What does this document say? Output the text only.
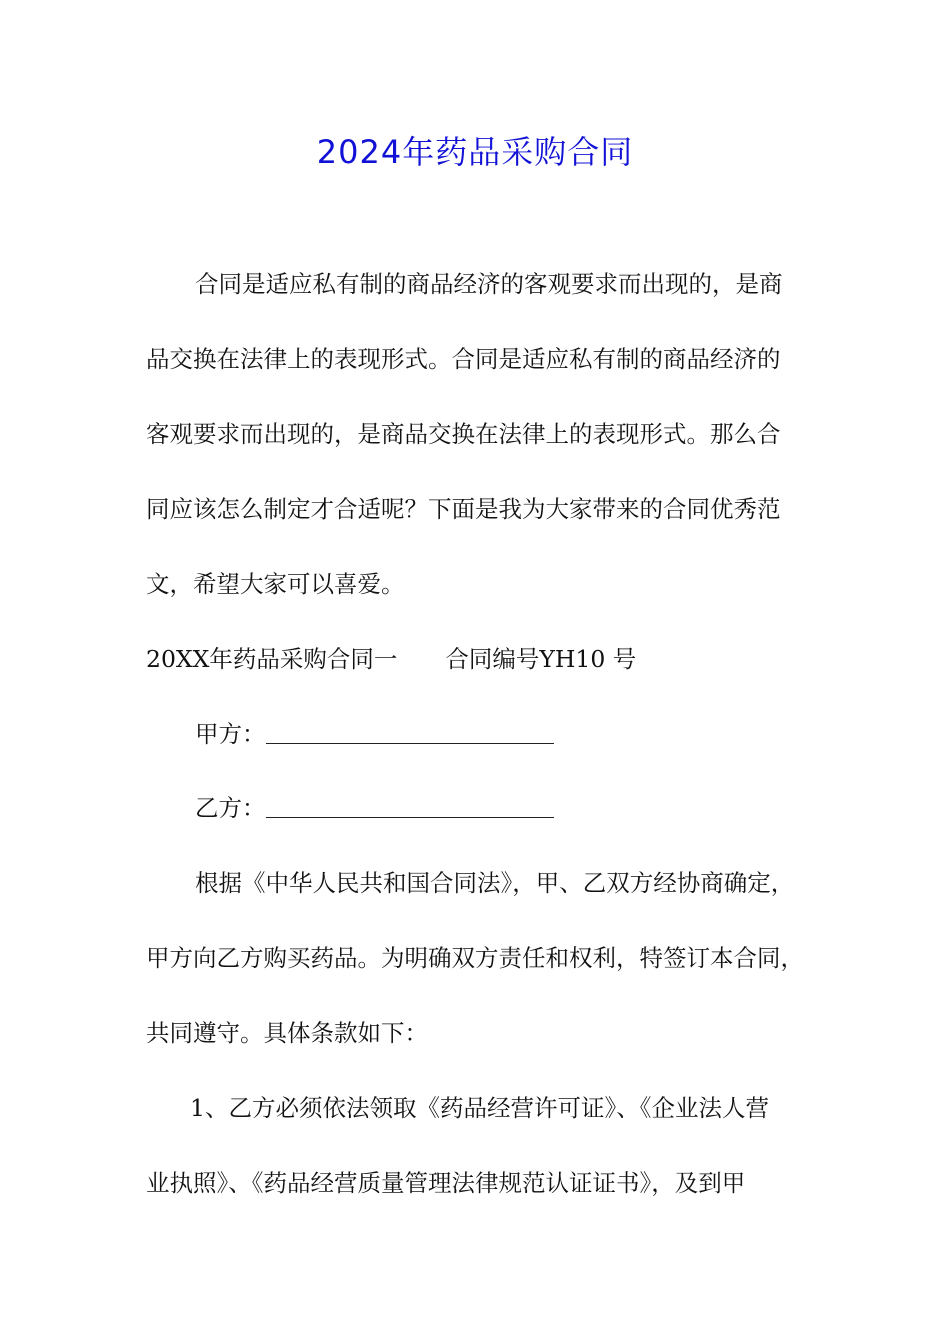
2024年药品采购合同
合同是适应私有制的商品经济的客观要求而出现的，是商
品交换在法律上的表现形式。合同是适应私有制的商品经济的
客观要求而出现的，是商品交换在法律上的表现形式。那么合
同应该怎么制定才合适呢？下面是我为大家带来的合同优秀范
文，希望大家可以喜爱。
20XX年药品采购合同一 合同编号YH10 号
甲方：
乙方：
根据《中华人民共和国合同法》，甲、乙双方经协商确定，
甲方向乙方购买药品。为明确双方责任和权利，特签订本合同，
共同遵守。具体条款如下：
1、乙方必须依法领取《药品经营许可证》、《企业法人营
业执照》、《药品经营质量管理法律规范认证证书》，及到甲
